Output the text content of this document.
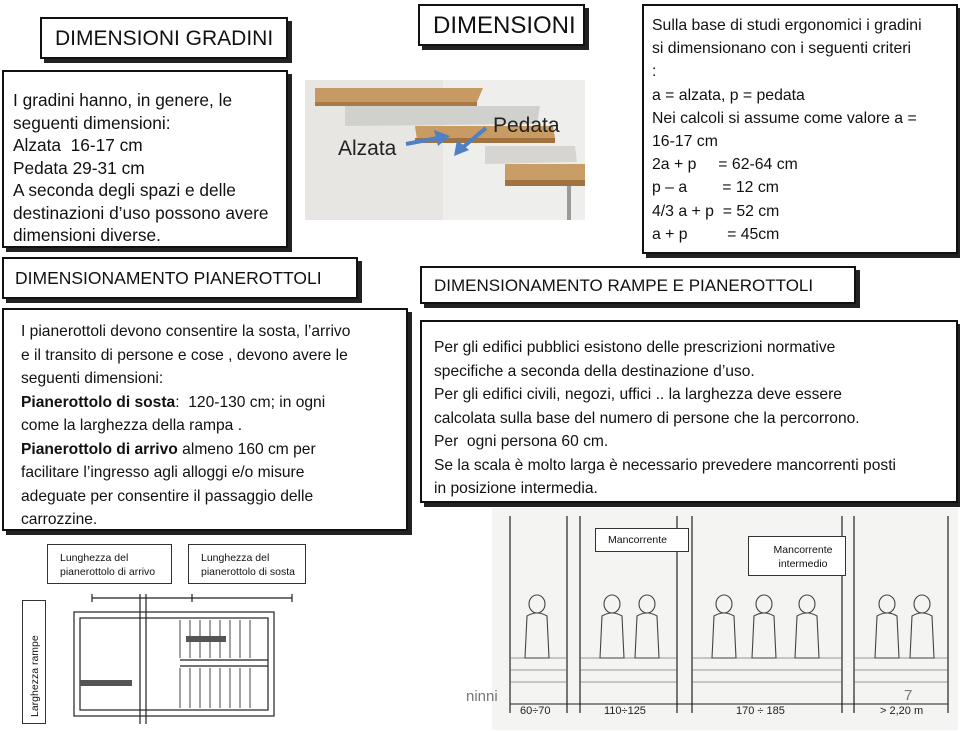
DIMENSIONI GRADINI
I gradini hanno, in genere, le
seguenti dimensioni:
Alzata  16-17 cm
Pedata 29-31 cm
A seconda degli spazi e delle
destinazioni d’uso possono avere
dimensioni diverse.
DIMENSIONI
Alzata
Pedata
Sulla base di studi ergonomici i gradini
si dimensionano con i seguenti criteri
:
a = alzata, p = pedata
Nei calcoli si assume come valore a =
16-17 cm
2a + p     = 62-64 cm
p – a        = 12 cm
4/3 a + p  = 52 cm
a + p         = 45cm
DIMENSIONAMENTO PIANEROTTOLI
I pianerottoli devono consentire la sosta, l’arrivo
e il transito di persone e cose , devono avere le
seguenti dimensioni:
Pianerottolo di sosta:  120-130 cm; in ogni
come la larghezza della rampa .
Pianerottolo di arrivo almeno 160 cm per
facilitare l’ingresso agli alloggi e/o misure
adeguate per consentire il passaggio delle
carrozzine.
DIMENSIONAMENTO RAMPE E PIANEROTTOLI
Per gli edifici pubblici esistono delle prescrizioni normative
specifiche a seconda della destinazione d’uso.
Per gli edifici civili, negozi, uffici .. la larghezza deve essere
calcolata sulla base del numero di persone che la percorrono.
Per  ogni persona 60 cm.
Se la scala è molto larga è necessario prevedere mancorrenti posti
in posizione intermedia.
60÷70	110÷125	170 ÷ 185	> 2,20 m
Lunghezza del
pianerottolo di arrivo
Lunghezza del
pianerottolo di sosta
Mancorrente
Mancorrente
intermedio
Larghezza rampe	ninni	7
